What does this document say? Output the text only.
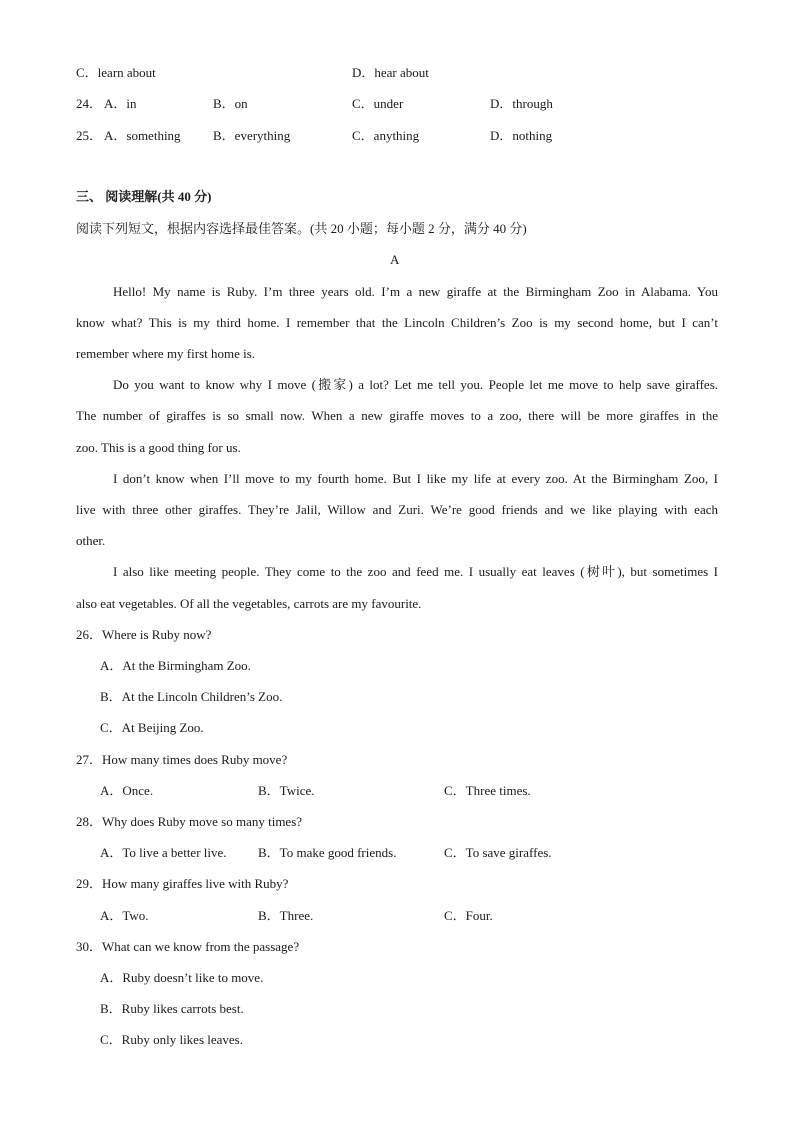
C．learn about	D．hear about
24． A．in	B．on	C．under	D．through
25． A．something B．everything	C．anything	D．nothing
三、 阅读理解(共 40 分)
阅读下列短文，根据内容选择最佳答案。(共 20 小题；每小题 2 分，满分 40 分)
A
Hello! My name is Ruby. I’m three years old. I’m a new giraffe at the Birmingham Zoo in Alabama. You
know what? This is my third home. I remember that the Lincoln Children’s Zoo is my second home, but I can’t
remember where my first home is.
Do you want to know why I move (搬家) a lot? Let me tell you. People let me move to help save giraffes.
The number of giraffes is so small now. When a new giraffe moves to a zoo, there will be more giraffes in the
zoo. This is a good thing for us.
I don’t know when I’ll move to my fourth home. But I like my life at every zoo. At the Birmingham Zoo, I
live with three other giraffes. They’re Jalil, Willow and Zuri. We’re good friends and we like playing with each
other.
I also like meeting people. They come to the zoo and feed me. I usually eat leaves (树叶), but sometimes I
also eat vegetables. Of all the vegetables, carrots are my favourite.
26．Where is Ruby now?
A．At the Birmingham Zoo.
B．At the Lincoln Children’s Zoo.
C．At Beijing Zoo.
27．How many times does Ruby move?
A．Once.	B．Twice.	C．Three times.
28．Why does Ruby move so many times?
A．To live a better live. B．To make good friends.	C．To save giraffes.
29．How many giraffes live with Ruby?
A．Two.	B．Three.	C．Four.
30．What can we know from the passage?
A．Ruby doesn’t like to move.
B．Ruby likes carrots best.
C．Ruby only likes leaves.
